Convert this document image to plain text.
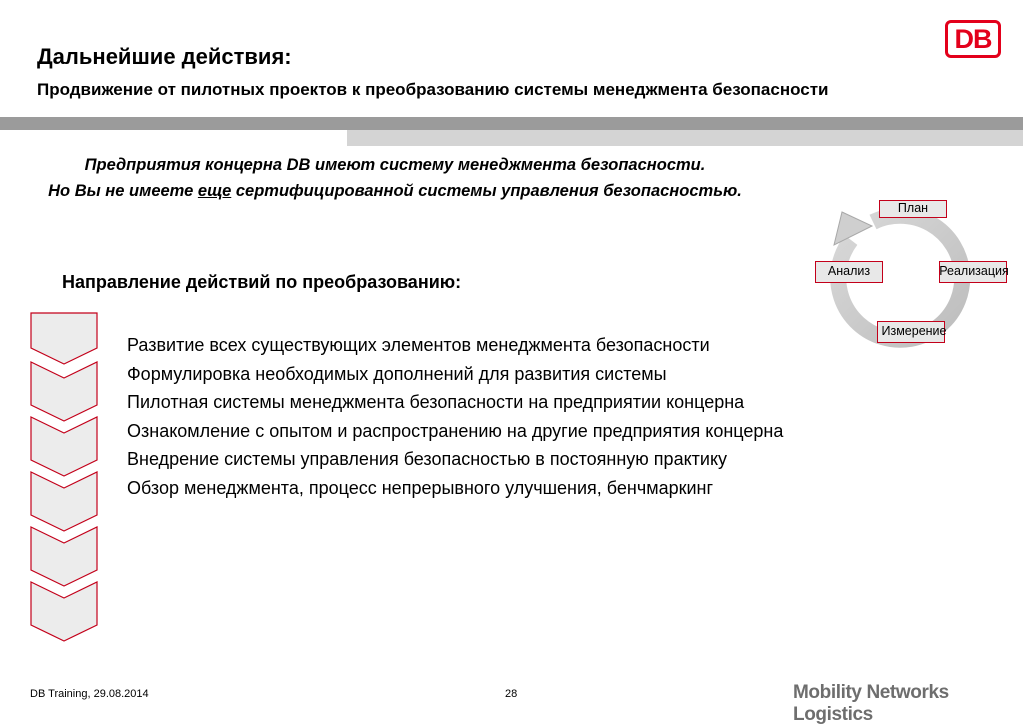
Дальнейшие действия:
Продвижение от пилотных проектов к преобразованию системы менеджмента безопасности
DB
Предприятия концерна DB имеют систему менеджмента безопасности.
Но Вы не имеете еще сертифицированной системы управления безопасностью.
Направление действий по преобразованию:
Развитие всех существующих элементов менеджмента безопасности
Формулировка необходимых дополнений для развития системы
Пилотная системы менеджмента безопасности на предприятии концерна
Ознакомление с опытом и распространению на другие предприятия концерна
Внедрение системы управления безопасностью в постоянную практику
Обзор менеджмента, процесс непрерывного улучшения, бенчмаркинг
План
Реализация
Измерение
Анализ
DB Training, 29.08.2014	28	Mobility Networks Logistics
